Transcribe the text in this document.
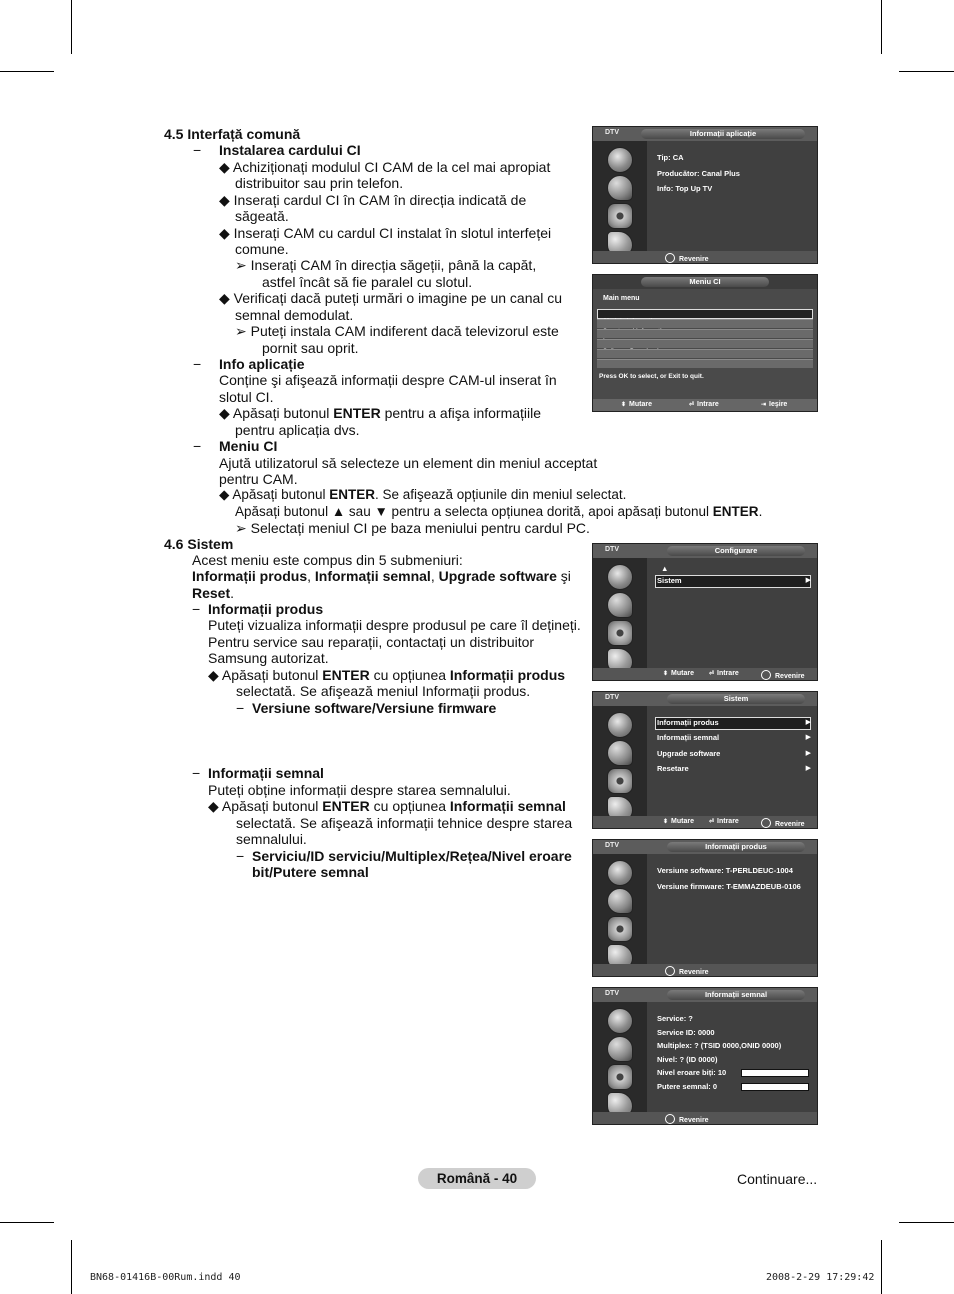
4.5 Interfață comună
− Instalarea cardului CI
◆ Achiziționați modulul CI CAM de la cel mai apropiat
distribuitor sau prin telefon.
◆ Inserați cardul CI în CAM în direcția indicată de
săgeată.
◆ Inserați CAM cu cardul CI instalat în slotul interfeței
comune.
➢ Inserați CAM în direcția săgeții, până la capăt,
astfel încât să fie paralel cu slotul.
◆ Verificați dacă puteți urmări o imagine pe un canal cu
semnal demodulat.
➢ Puteți instala CAM indiferent dacă televizorul este
pornit sau oprit.
− Info aplicație
Conține şi afişează informații despre CAM-ul inserat în
slotul CI.
◆ Apăsați butonul ENTER pentru a afişa informațiile
pentru aplicația dvs.
− Meniu CI
Ajută utilizatorul să selecteze un element din meniul acceptat
pentru CAM.
◆ Apăsați butonul ENTER. Se afişează opțiunile din meniul selectat.
Apăsați butonul ▲ sau ▼ pentru a selecta opțiunea dorită, apoi apăsați butonul ENTER.
➢ Selectați meniul CI pe baza meniului pentru cardul PC.
4.6 Sistem
Acest meniu este compus din 5 submeniuri:
Informații produs, Informații semnal, Upgrade software şi
Reset.
− Informații produs
Puteți vizualiza informații despre produsul pe care îl dețineți.
Pentru service sau reparații, contactați un distribuitor
Samsung autorizat.
◆ Apăsați butonul ENTER cu opțiunea Informații produs
selectată. Se afişează meniul Informații produs.
− Versiune software/Versiune firmware
− Informații semnal
Puteți obține informații despre starea semnalului.
◆ Apăsați butonul ENTER cu opțiunea Informații semnal
selectată. Se afişează informații tehnice despre starea
semnalului.
− Serviciu/ID serviciu/Multiplex/Rețea/Nivel eroare
bit/Putere semnal
DTV	Informații aplicație
Tip: CA
Producător: Canal Plus
Info: Top Up TV
Revenire
Meniu CI
Main menu
Press OK to select, or Exit to quit.
⬍ Mutare	⏎ Intrare	⇥ Ieşire
DTV	Configurare
▲
Sistem	▶
⬍ Mutare	⏎ Intrare	Revenire
DTV	Sistem
Informații produs	▶
Informații semnal	▶
Upgrade software	▶
Resetare	▶
⬍ Mutare	⏎ Intrare	Revenire
DTV	Informații produs
Versiune software: T-PERLDEUC-1004
Versiune firmware: T-EMMAZDEUB-0106
Revenire
DTV	Informații semnal
Service: ?
Service ID: 0000
Multiplex: ? (TSID 0000,ONID 0000)
Nivel: ? (ID 0000)
Nivel eroare biți: 10
Putere semnal: 0
Revenire
Română - 40	Continuare...
BN68-01416B-00Rum.indd 40	2008-2-29 17:29:42
